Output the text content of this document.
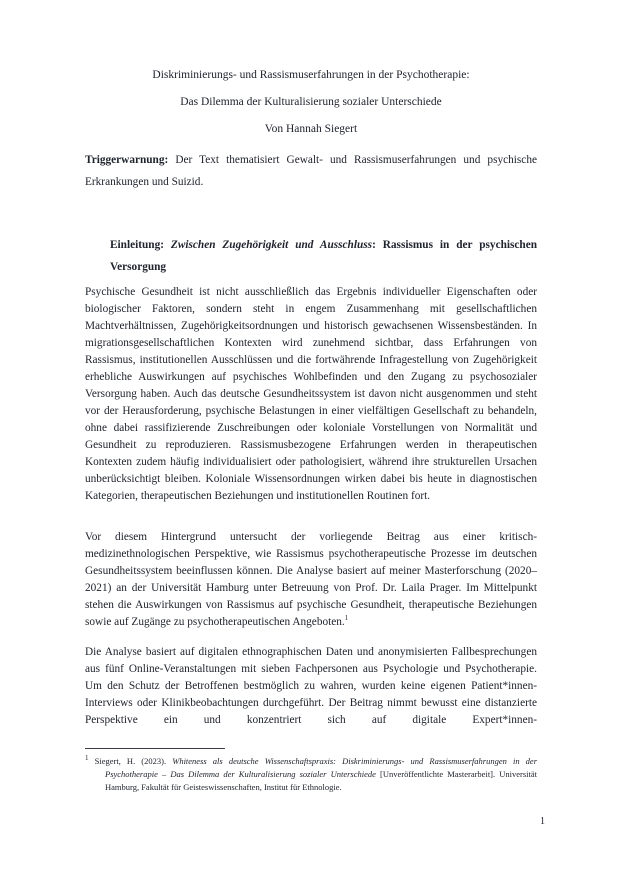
Diskriminierungs- und Rassismuserfahrungen in der Psychotherapie:
Das Dilemma der Kulturalisierung sozialer Unterschiede
Von Hannah Siegert

Triggerwarnung: Der Text thematisiert Gewalt- und Rassismuserfahrungen und psychische Erkrankungen und Suizid.

Einleitung: Zwischen Zugehörigkeit und Ausschluss: Rassismus in der psychischen Versorgung

Psychische Gesundheit ist nicht ausschließlich das Ergebnis individueller Eigenschaften oder biologischer Faktoren, sondern steht in engem Zusammenhang mit gesellschaftlichen Machtverhältnissen, Zugehörigkeitsordnungen und historisch gewachsenen Wissensbeständen. In migrationsgesellschaftlichen Kontexten wird zunehmend sichtbar, dass Erfahrungen von Rassismus, institutionellen Ausschlüssen und die fortwährende Infragestellung von Zugehörigkeit erhebliche Auswirkungen auf psychisches Wohlbefinden und den Zugang zu psychosozialer Versorgung haben. Auch das deutsche Gesundheitssystem ist davon nicht ausgenommen und steht vor der Herausforderung, psychische Belastungen in einer vielfältigen Gesellschaft zu behandeln, ohne dabei rassifizierende Zuschreibungen oder koloniale Vorstellungen von Normalität und Gesundheit zu reproduzieren. Rassismusbezogene Erfahrungen werden in therapeutischen Kontexten zudem häufig individualisiert oder pathologisiert, während ihre strukturellen Ursachen unberücksichtigt bleiben. Koloniale Wissensordnungen wirken dabei bis heute in diagnostischen Kategorien, therapeutischen Beziehungen und institutionellen Routinen fort.

Vor diesem Hintergrund untersucht der vorliegende Beitrag aus einer kritisch-medizinethnologischen Perspektive, wie Rassismus psychotherapeutische Prozesse im deutschen Gesundheitssystem beeinflussen können. Die Analyse basiert auf meiner Masterforschung (2020–2021) an der Universität Hamburg unter Betreuung von Prof. Dr. Laila Prager. Im Mittelpunkt stehen die Auswirkungen von Rassismus auf psychische Gesundheit, therapeutische Beziehungen sowie auf Zugänge zu psychotherapeutischen Angeboten.$^1$

Die Analyse basiert auf digitalen ethnographischen Daten und anonymisierten Fallbesprechungen aus fünf Online-Veranstaltungen mit sieben Fachpersonen aus Psychologie und Psychotherapie. Um den Schutz der Betroffenen bestmöglich zu wahren, wurden keine eigenen Patient*innen-Interviews oder Klinikbeobachtungen durchgeführt. Der Beitrag nimmt bewusst eine distanzierte Perspektive ein und konzentriert sich auf digitale Expert*innen-

$^1$ Siegert, H. (2023). Whiteness als deutsche Wissenschaftspraxis: Diskriminierungs- und Rassismuserfahrungen in der Psychotherapie – Das Dilemma der Kulturalisierung sozialer Unterschiede [Unveröffentlichte Masterarbeit]. Universität Hamburg, Fakultät für Geisteswissenschaften, Institut für Ethnologie.

1
